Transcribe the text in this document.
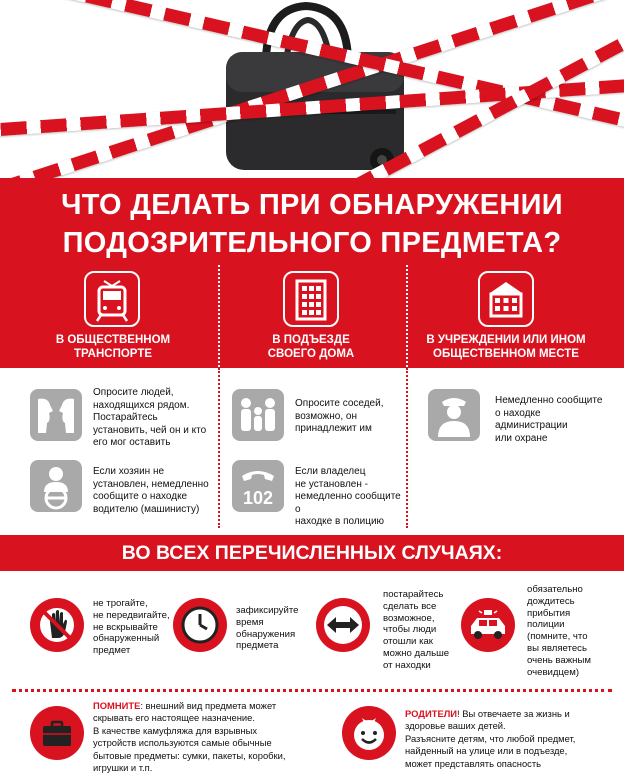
ЧТО ДЕЛАТЬ ПРИ ОБНАРУЖЕНИИ
ПОДОЗРИТЕЛЬНОГО ПРЕДМЕТА?
В ОБЩЕСТВЕННОМ
ТРАНСПОРТЕ
В ПОДЪЕЗДЕ
СВОЕГО ДОМА
В УЧРЕЖДЕНИИ ИЛИ ИНОМ
ОБЩЕСТВЕННОМ МЕСТЕ
Опросите людей,
находящихся рядом.
Постарайтесь
установить, чей он и кто
его мог оставить
Если хозяин не
установлен, немедленно
сообщите о находке
водителю (машинисту)
Опросите соседей,
возможно, он
принадлежит им
102
Если владелец
не установлен -
немедленно сообщите о
находке в полицию
Немедленно сообщите
о находке
администрации
или охране
ВО ВСЕХ ПЕРЕЧИСЛЕННЫХ СЛУЧАЯХ:
не трогайте,
не передвигайте,
не вскрывайте
обнаруженный
предмет
зафиксируйте
время
обнаружения
предмета
постарайтесь
сделать все
возможное,
чтобы люди
отошли как
можно дальше
от находки
обязательно
дождитесь
прибытия
полиции
(помните, что
вы являетесь
очень важным
очевидцем)
ПОМНИТЕ: внешний вид предмета может
скрывать его настоящее назначение.
В качестве камуфляжа для взрывных
устройств используются самые обычные
бытовые предметы: сумки, пакеты, коробки,
игрушки и т.п.
РОДИТЕЛИ! Вы отвечаете за жизнь и
здоровье ваших детей.
Разъясните детям, что любой предмет,
найденный на улице или в подъезде,
может представлять опасность
